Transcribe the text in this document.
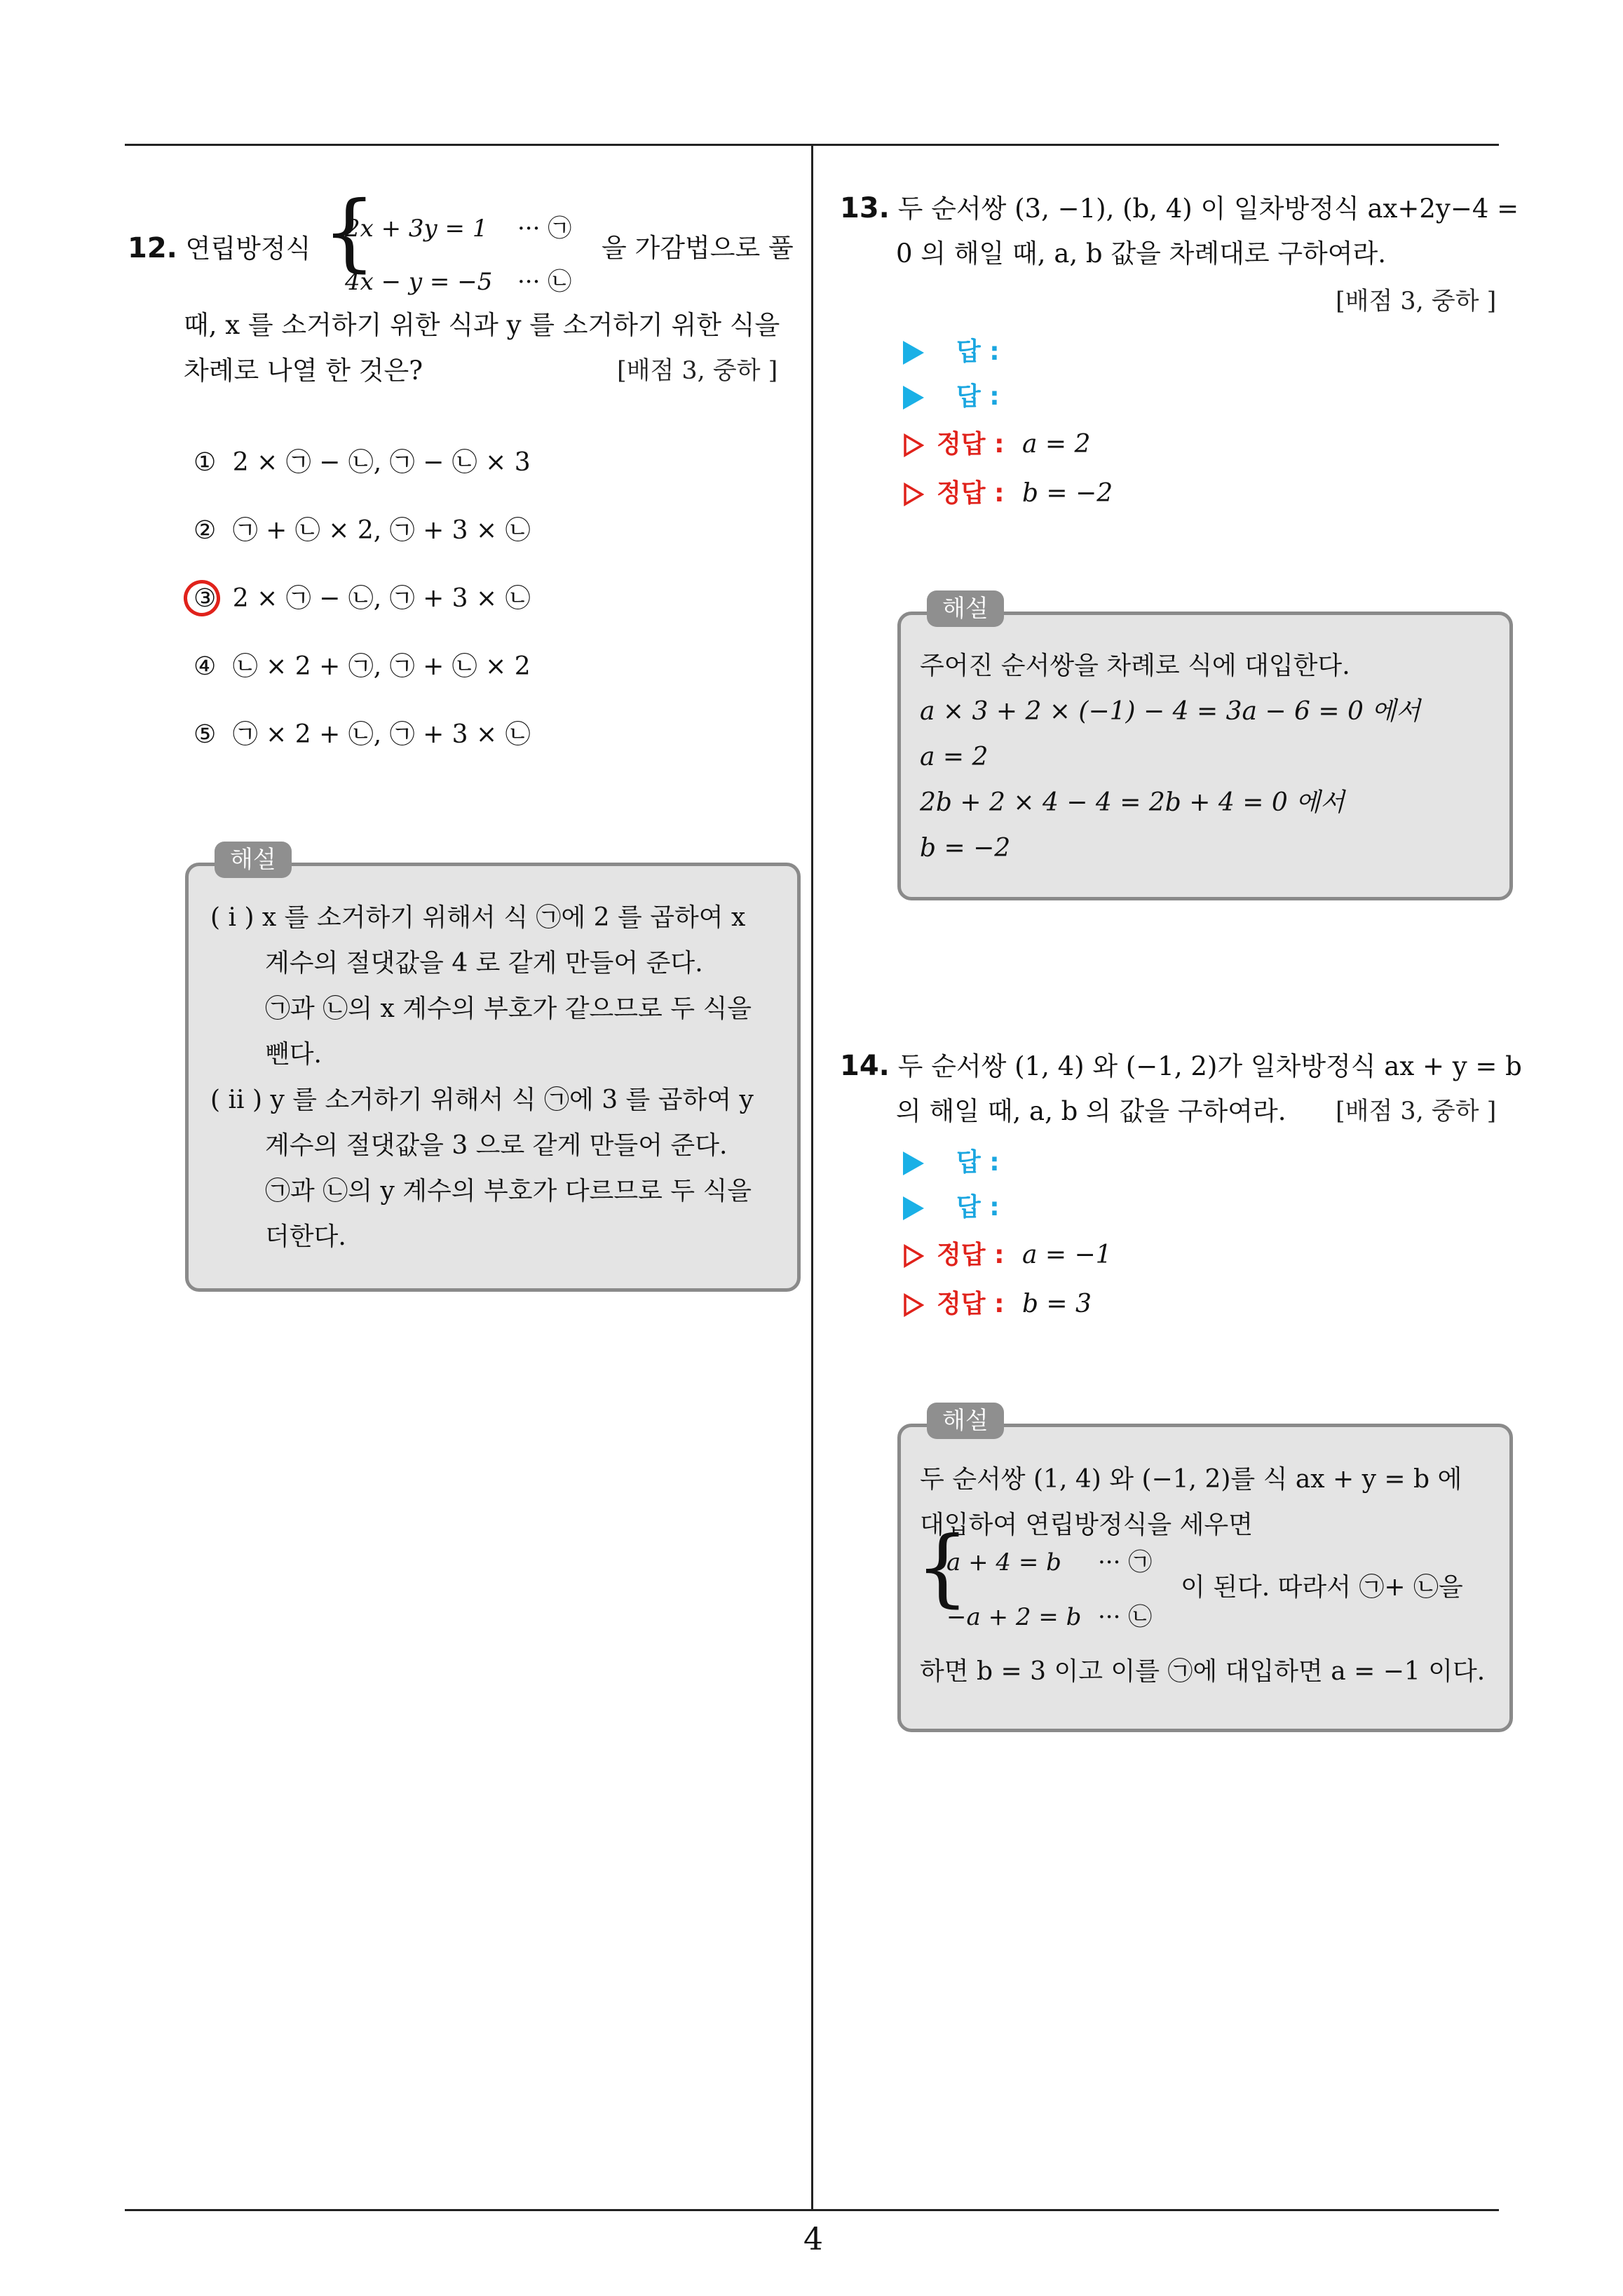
4
12. 연립방정식 {
2x + 3y = 1 ··· ㉠
4x − y = −5 ··· ㉡
을 가감법으로 풀
때, x 를 소거하기 위한 식과 y 를 소거하기 위한 식을
차례로 나열 한 것은?	[배점 3, 중하 ]
① 2 × ㉠ − ㉡, ㉠ − ㉡ × 3
② ㉠ + ㉡ × 2, ㉠ + 3 × ㉡
③ 2 × ㉠ − ㉡, ㉠ + 3 × ㉡
④ ㉡ × 2 + ㉠, ㉠ + ㉡ × 2
⑤ ㉠ × 2 + ㉡, ㉠ + 3 × ㉡
해설
( i ) x 를 소거하기 위해서 식 ㉠에 2 를 곱하여 x
계수의 절댓값을 4 로 같게 만들어 준다.
㉠과 ㉡의 x 계수의 부호가 같으므로 두 식을
뺀다.
( ii ) y 를 소거하기 위해서 식 ㉠에 3 를 곱하여 y
계수의 절댓값을 3 으로 같게 만들어 준다.
㉠과 ㉡의 y 계수의 부호가 다르므로 두 식을
더한다.
13. 두 순서쌍 (3, −1), (b, 4) 이 일차방정식 ax+2y−4 =
0 의 해일 때, a, b 값을 차례대로 구하여라.
[배점 3, 중하 ]
답 :
답 :
정답 : a = 2
정답 : b = −2
해설
주어진 순서쌍을 차례로 식에 대입한다.
a × 3 + 2 × (−1) − 4 = 3a − 6 = 0 에서
a = 2
2b + 2 × 4 − 4 = 2b + 4 = 0 에서
b = −2
14. 두 순서쌍 (1, 4) 와 (−1, 2)가 일차방정식 ax + y = b
의 해일 때, a, b 의 값을 구하여라. [배점 3, 중하 ]
답 :
답 :
정답 : a = −1
정답 : b = 3
해설
두 순서쌍 (1, 4) 와 (−1, 2)를 식 ax + y = b 에
대입하여 연립방정식을 세우면
{
a + 4 = b ··· ㉠
−a + 2 = b ··· ㉡
이 된다. 따라서 ㉠+ ㉡을
하면 b = 3 이고 이를 ㉠에 대입하면 a = −1 이다.
